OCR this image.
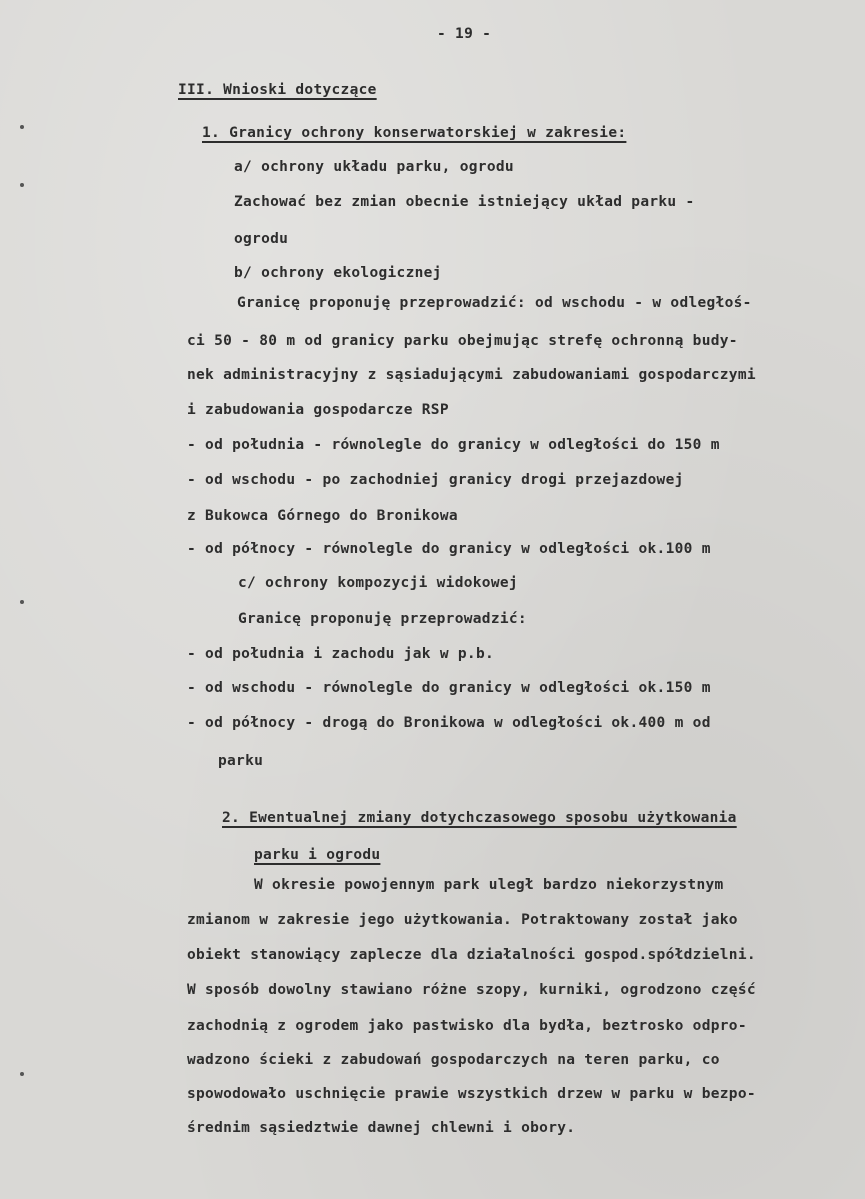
- 19 -
III. Wnioski dotyczące
1. Granicy ochrony konserwatorskiej w zakresie:
a/ ochrony układu parku, ogrodu
Zachować bez zmian obecnie istniejący układ parku -
ogrodu
b/ ochrony ekologicznej
Granicę proponuję przeprowadzić: od wschodu - w odległoś-
ci 50 - 80 m od granicy parku obejmując strefę ochronną budy-
nek administracyjny z sąsiadującymi zabudowaniami gospodarczymi
i zabudowania gospodarcze RSP
- od południa - równolegle do granicy w odległości do 150 m
- od wschodu - po zachodniej granicy drogi przejazdowej
z Bukowca Górnego do Bronikowa
- od północy - równolegle do granicy w odległości ok.100 m
c/ ochrony kompozycji widokowej
Granicę proponuję przeprowadzić:
- od południa i zachodu jak w p.b.
- od wschodu - równolegle do granicy w odległości ok.150 m
- od północy - drogą do Bronikowa w odległości ok.400 m od
parku
2. Ewentualnej zmiany dotychczasowego sposobu użytkowania
parku i ogrodu
W okresie powojennym park uległ bardzo niekorzystnym
zmianom w zakresie jego użytkowania. Potraktowany został jako
obiekt stanowiący zaplecze dla działalności gospod.spółdzielni.
W sposób dowolny stawiano różne szopy, kurniki, ogrodzono część
zachodnią z ogrodem jako pastwisko dla bydła, beztrosko odpro-
wadzono ścieki z zabudowań gospodarczych na teren parku, co
spowodowało uschnięcie prawie wszystkich drzew w parku w bezpo-
średnim sąsiedztwie dawnej chlewni i obory.
